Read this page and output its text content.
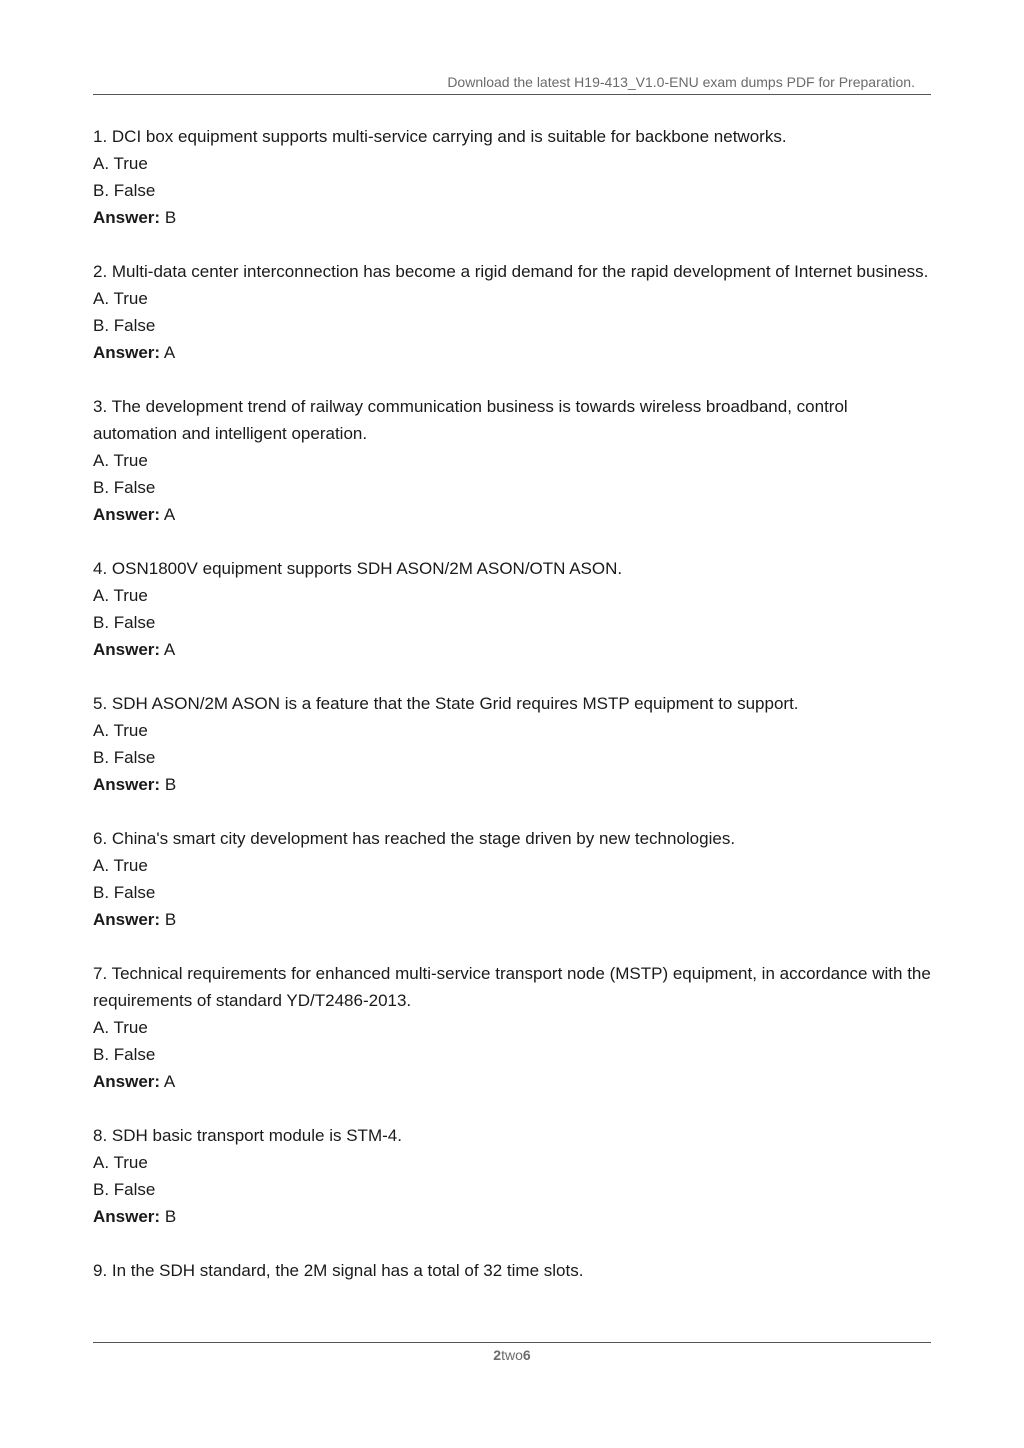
Download the latest H19-413_V1.0-ENU exam dumps PDF for Preparation.
1. DCI box equipment supports multi-service carrying and is suitable for backbone networks.
A. True
B. False
Answer: B
2. Multi-data center interconnection has become a rigid demand for the rapid development of Internet business.
A. True
B. False
Answer: A
3. The development trend of railway communication business is towards wireless broadband, control automation and intelligent operation.
A. True
B. False
Answer: A
4. OSN1800V equipment supports SDH ASON/2M ASON/OTN ASON.
A. True
B. False
Answer: A
5. SDH ASON/2M ASON is a feature that the State Grid requires MSTP equipment to support.
A. True
B. False
Answer: B
6. China's smart city development has reached the stage driven by new technologies.
A. True
B. False
Answer: B
7. Technical requirements for enhanced multi-service transport node (MSTP) equipment, in accordance with the requirements of standard YD/T2486-2013.
A. True
B. False
Answer: A
8. SDH basic transport module is STM-4.
A. True
B. False
Answer: B
9. In the SDH standard, the 2M signal has a total of 32 time slots.
2two6
